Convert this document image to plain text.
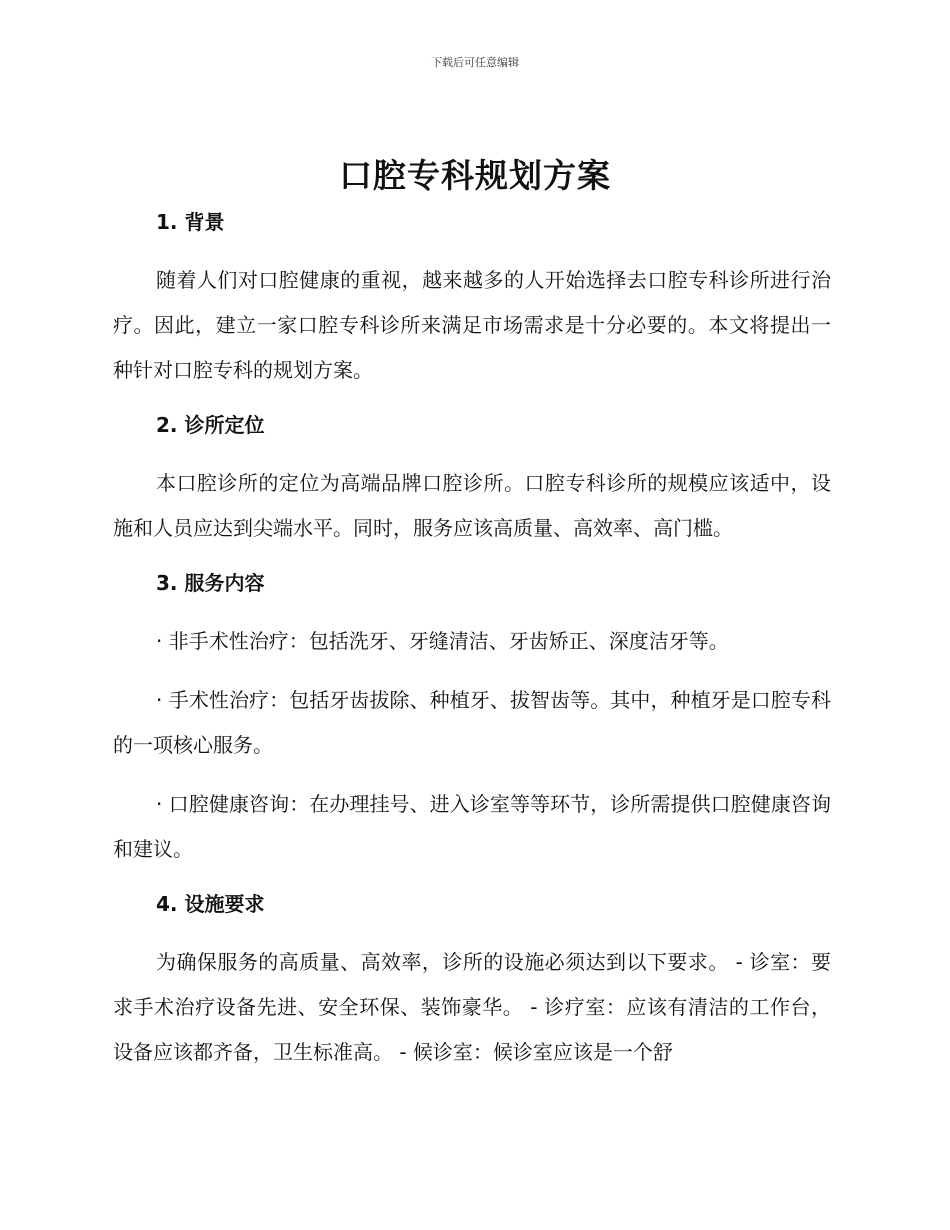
下载后可任意编辑
口腔专科规划方案
1. 背景

随着人们对口腔健康的重视，越来越多的人开始选择去口腔专科诊所进行治疗。因此，建立一家口腔专科诊所来满足市场需求是十分必要的。本文将提出一种针对口腔专科的规划方案。

2. 诊所定位

本口腔诊所的定位为高端品牌口腔诊所。口腔专科诊所的规模应该适中，设施和人员应达到尖端水平。同时，服务应该高质量、高效率、高门槛。

3. 服务内容

· 非手术性治疗：包括洗牙、牙缝清洁、牙齿矫正、深度洁牙等。

· 手术性治疗：包括牙齿拔除、种植牙、拔智齿等。其中，种植牙是口腔专科的一项核心服务。

· 口腔健康咨询：在办理挂号、进入诊室等等环节，诊所需提供口腔健康咨询和建议。

4. 设施要求

为确保服务的高质量、高效率，诊所的设施必须达到以下要求。 - 诊室：要求手术治疗设备先进、安全环保、装饰豪华。 - 诊疗室：应该有清洁的工作台，设备应该都齐备，卫生标准高。 - 候诊室：候诊室应该是一个舒
